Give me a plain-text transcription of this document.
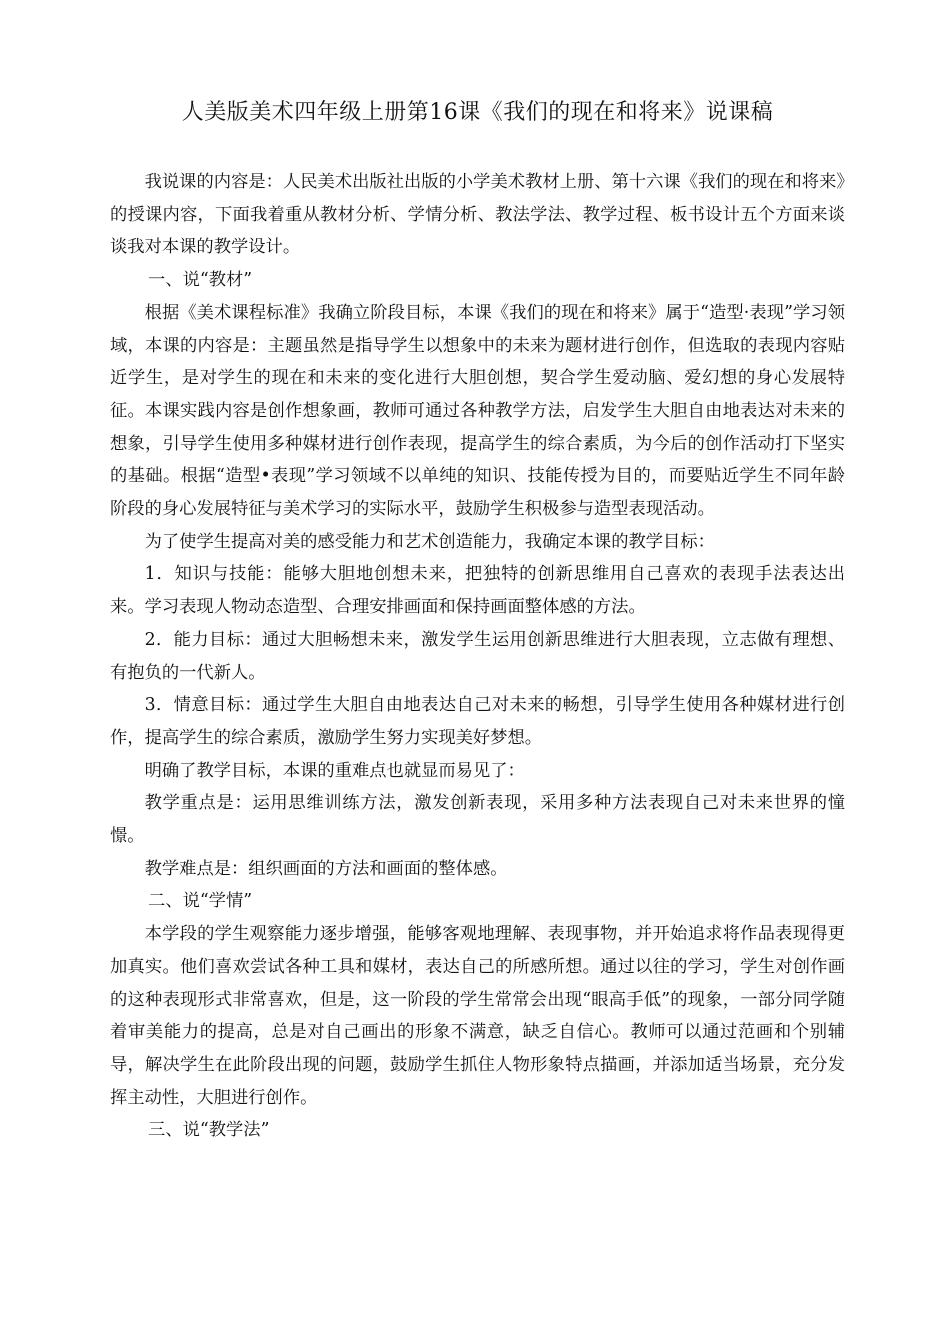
人美版美术四年级上册第16课《我们的现在和将来》说课稿

我说课的内容是：人民美术出版社出版的小学美术教材上册、第十六课《我们的现在和将来》的授课内容，下面我着重从教材分析、学情分析、教法学法、教学过程、板书设计五个方面来谈谈我对本课的教学设计。

一、说“教材”

根据《美术课程标准》我确立阶段目标，本课《我们的现在和将来》属于“造型·表现”学习领域，本课的内容是：主题虽然是指导学生以想象中的未来为题材进行创作，但选取的表现内容贴近学生，是对学生的现在和未来的变化进行大胆创想，契合学生爱动脑、爱幻想的身心发展特征。本课实践内容是创作想象画，教师可通过各种教学方法，启发学生大胆自由地表达对未来的想象，引导学生使用多种媒材进行创作表现，提高学生的综合素质，为今后的创作活动打下坚实的基础。根据“造型•表现”学习领域不以单纯的知识、技能传授为目的，而要贴近学生不同年龄阶段的身心发展特征与美术学习的实际水平，鼓励学生积极参与造型表现活动。

为了使学生提高对美的感受能力和艺术创造能力，我确定本课的教学目标：

1．知识与技能：能够大胆地创想未来，把独特的创新思维用自己喜欢的表现手法表达出来。学习表现人物动态造型、合理安排画面和保持画面整体感的方法。

2．能力目标：通过大胆畅想未来，激发学生运用创新思维进行大胆表现，立志做有理想、有抱负的一代新人。

3．情意目标：通过学生大胆自由地表达自己对未来的畅想，引导学生使用各种媒材进行创作，提高学生的综合素质，激励学生努力实现美好梦想。

明确了教学目标，本课的重难点也就显而易见了：

教学重点是：运用思维训练方法，激发创新表现，采用多种方法表现自己对未来世界的憧憬。

教学难点是：组织画面的方法和画面的整体感。

二、说“学情”

本学段的学生观察能力逐步增强，能够客观地理解、表现事物，并开始追求将作品表现得更加真实。他们喜欢尝试各种工具和媒材，表达自己的所感所想。通过以往的学习，学生对创作画的这种表现形式非常喜欢，但是，这一阶段的学生常常会出现“眼高手低”的现象，一部分同学随着审美能力的提高，总是对自己画出的形象不满意，缺乏自信心。教师可以通过范画和个别辅导，解决学生在此阶段出现的问题，鼓励学生抓住人物形象特点描画，并添加适当场景，充分发挥主动性，大胆进行创作。

三、说“教学法”
